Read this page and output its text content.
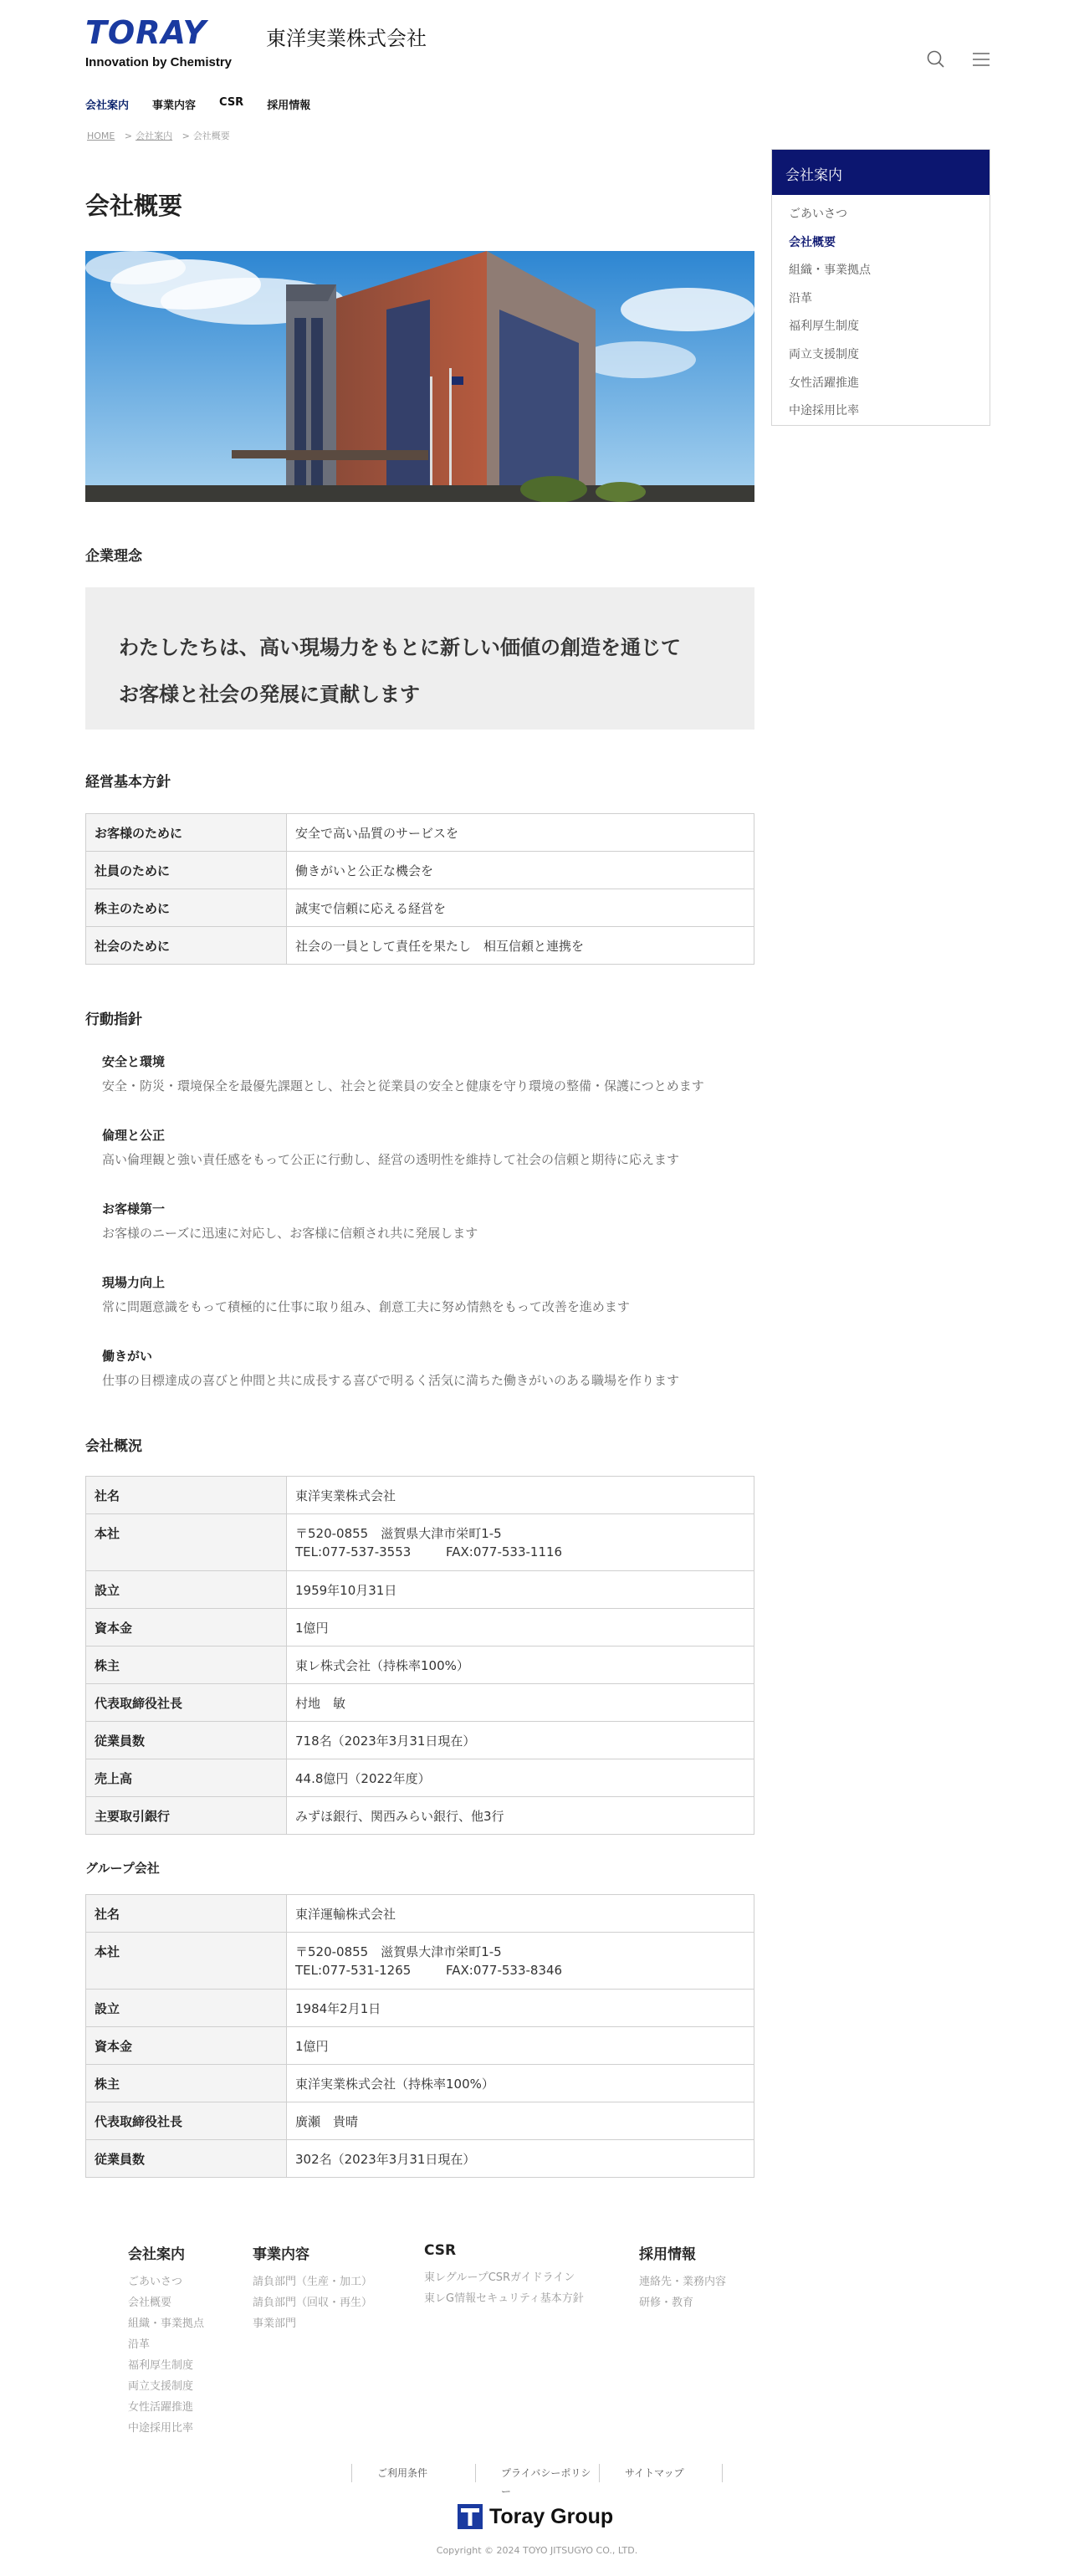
TORAY
Innovation by Chemistry
東洋実業株式会社
会社案内 事業内容 CSR 採用情報
HOME > 会社案内 > 会社概要
会社概要
企業理念

わたしたちは、高い現場力をもとに新しい価値の創造を通じて

お客様と社会の発展に貢献します

経営基本方針
お客様のために	安全で高い品質のサービスを
社員のために	働きがいと公正な機会を
株主のために	誠実で信頼に応える経営を
社会のために	社会の一員として責任を果たし　相互信頼と連携を
行動指針
安全と環境
安全・防災・環境保全を最優先課題とし、社会と従業員の安全と健康を守り環境の整備・保護につとめます
倫理と公正
高い倫理観と強い責任感をもって公正に行動し、経営の透明性を維持して社会の信頼と期待に応えます
お客様第一
お客様のニーズに迅速に対応し、お客様に信頼され共に発展します
現場力向上
常に問題意識をもって積極的に仕事に取り組み、創意工夫に努め情熱をもって改善を進めます
働きがい
仕事の目標達成の喜びと仲間と共に成長する喜びで明るく活気に満ちた働きがいのある職場を作ります
会社概況
社名	東洋実業株式会社
本社	〒520-0855　滋賀県大津市栄町1-5
TEL:077-537-3553 FAX:077-533-1116

設立	1959年10月31日
資本金	1億円
株主	東レ株式会社（持株率100%）
代表取締役社長	村地　敏
従業員数	718名（2023年3月31日現在）
売上高	44.8億円（2022年度）
主要取引銀行	みずほ銀行、関西みらい銀行、他3行
グループ会社
社名	東洋運輸株式会社
本社	〒520-0855　滋賀県大津市栄町1-5
TEL:077-531-1265 FAX:077-533-8346

設立	1984年2月1日
資本金	1億円
株主	東洋実業株式会社（持株率100%）
代表取締役社長	廣瀬　貴晴
従業員数	302名（2023年3月31日現在）
会社案内
ごあいさつ
会社概要
組織・事業拠点
沿革
福利厚生制度
両立支援制度
女性活躍推進
中途採用比率
会社案内
ごあいさつ
会社概要
組織・事業拠点
沿革
福利厚生制度
両立支援制度
女性活躍推進
中途採用比率
事業内容
請負部門（生産・加工）
請負部門（回収・再生）
事業部門
CSR
東レグループCSRガイドライン
東レG情報セキュリティ基本方針
採用情報
連絡先・業務内容
研修・教育
ご利用条件	プライバシーポリシー
サイトマップ
Toray Group
Copyright © 2024 TOYO JITSUGYO CO., LTD.
